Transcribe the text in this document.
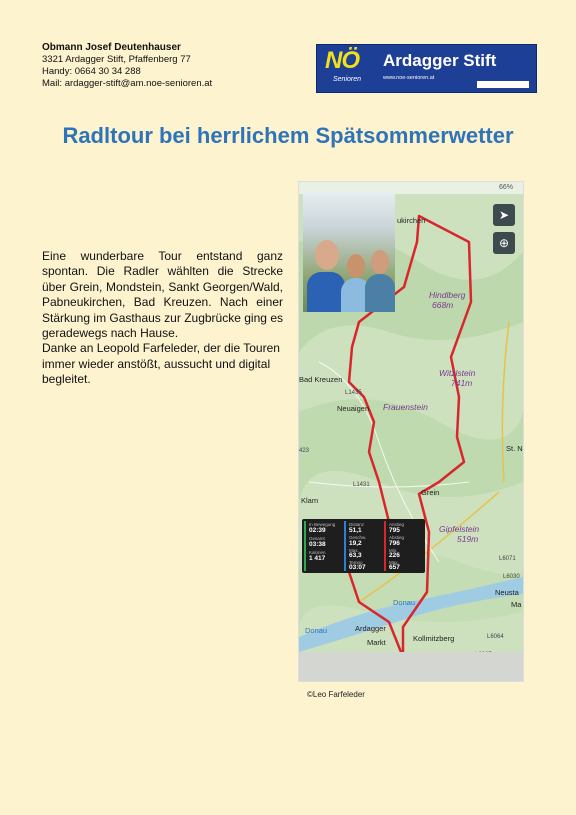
Obmann Josef Deutenhauser
3321 Ardagger Stift, Pfaffenberg 77
Handy: 0664 30 34 288
Mail: ardagger-stift@am.noe-senioren.at
NÖ
Senioren
Ardagger Stift
www.noe-senioren.at
Radltour bei herrlichem Spätsommerwetter

Eine wunderbare Tour entstand ganz spontan. Die Radler wählten die Strecke über Grein, Mondstein, Sankt Georgen/Wald, Pabneukirchen, Bad Kreuzen. Nach einer Stärkung im Gasthaus zur Zugbrücke ging es geradewegs nach Hause.

Danke an Leopold Farfeleder, der die Touren immer wieder anstößt, aussucht und digital begleitet.

66%
➤
⊕
ukirchen
Hindlberg
668m
Witzlstein
741m
Bad Kreuzen
Neuaigen Frauenstein
Grein
Klam
St. N
Gipfelstein
519m
Neusta
Ma
Ardagger
Markt	Kollmitzberg
Donau
Donau
L1435
L1431
423
L6030
L6064
L6071
In Bewegung
02:39
Gesamt
03:38
Kalorien
1 417
Distanz
51,1
Geschw.
19,2
Max.
63,3
Tempo
03:07
Anstieg
795
Abstieg
796
Min.
226
Max.
657
©Leo Farfeleder
